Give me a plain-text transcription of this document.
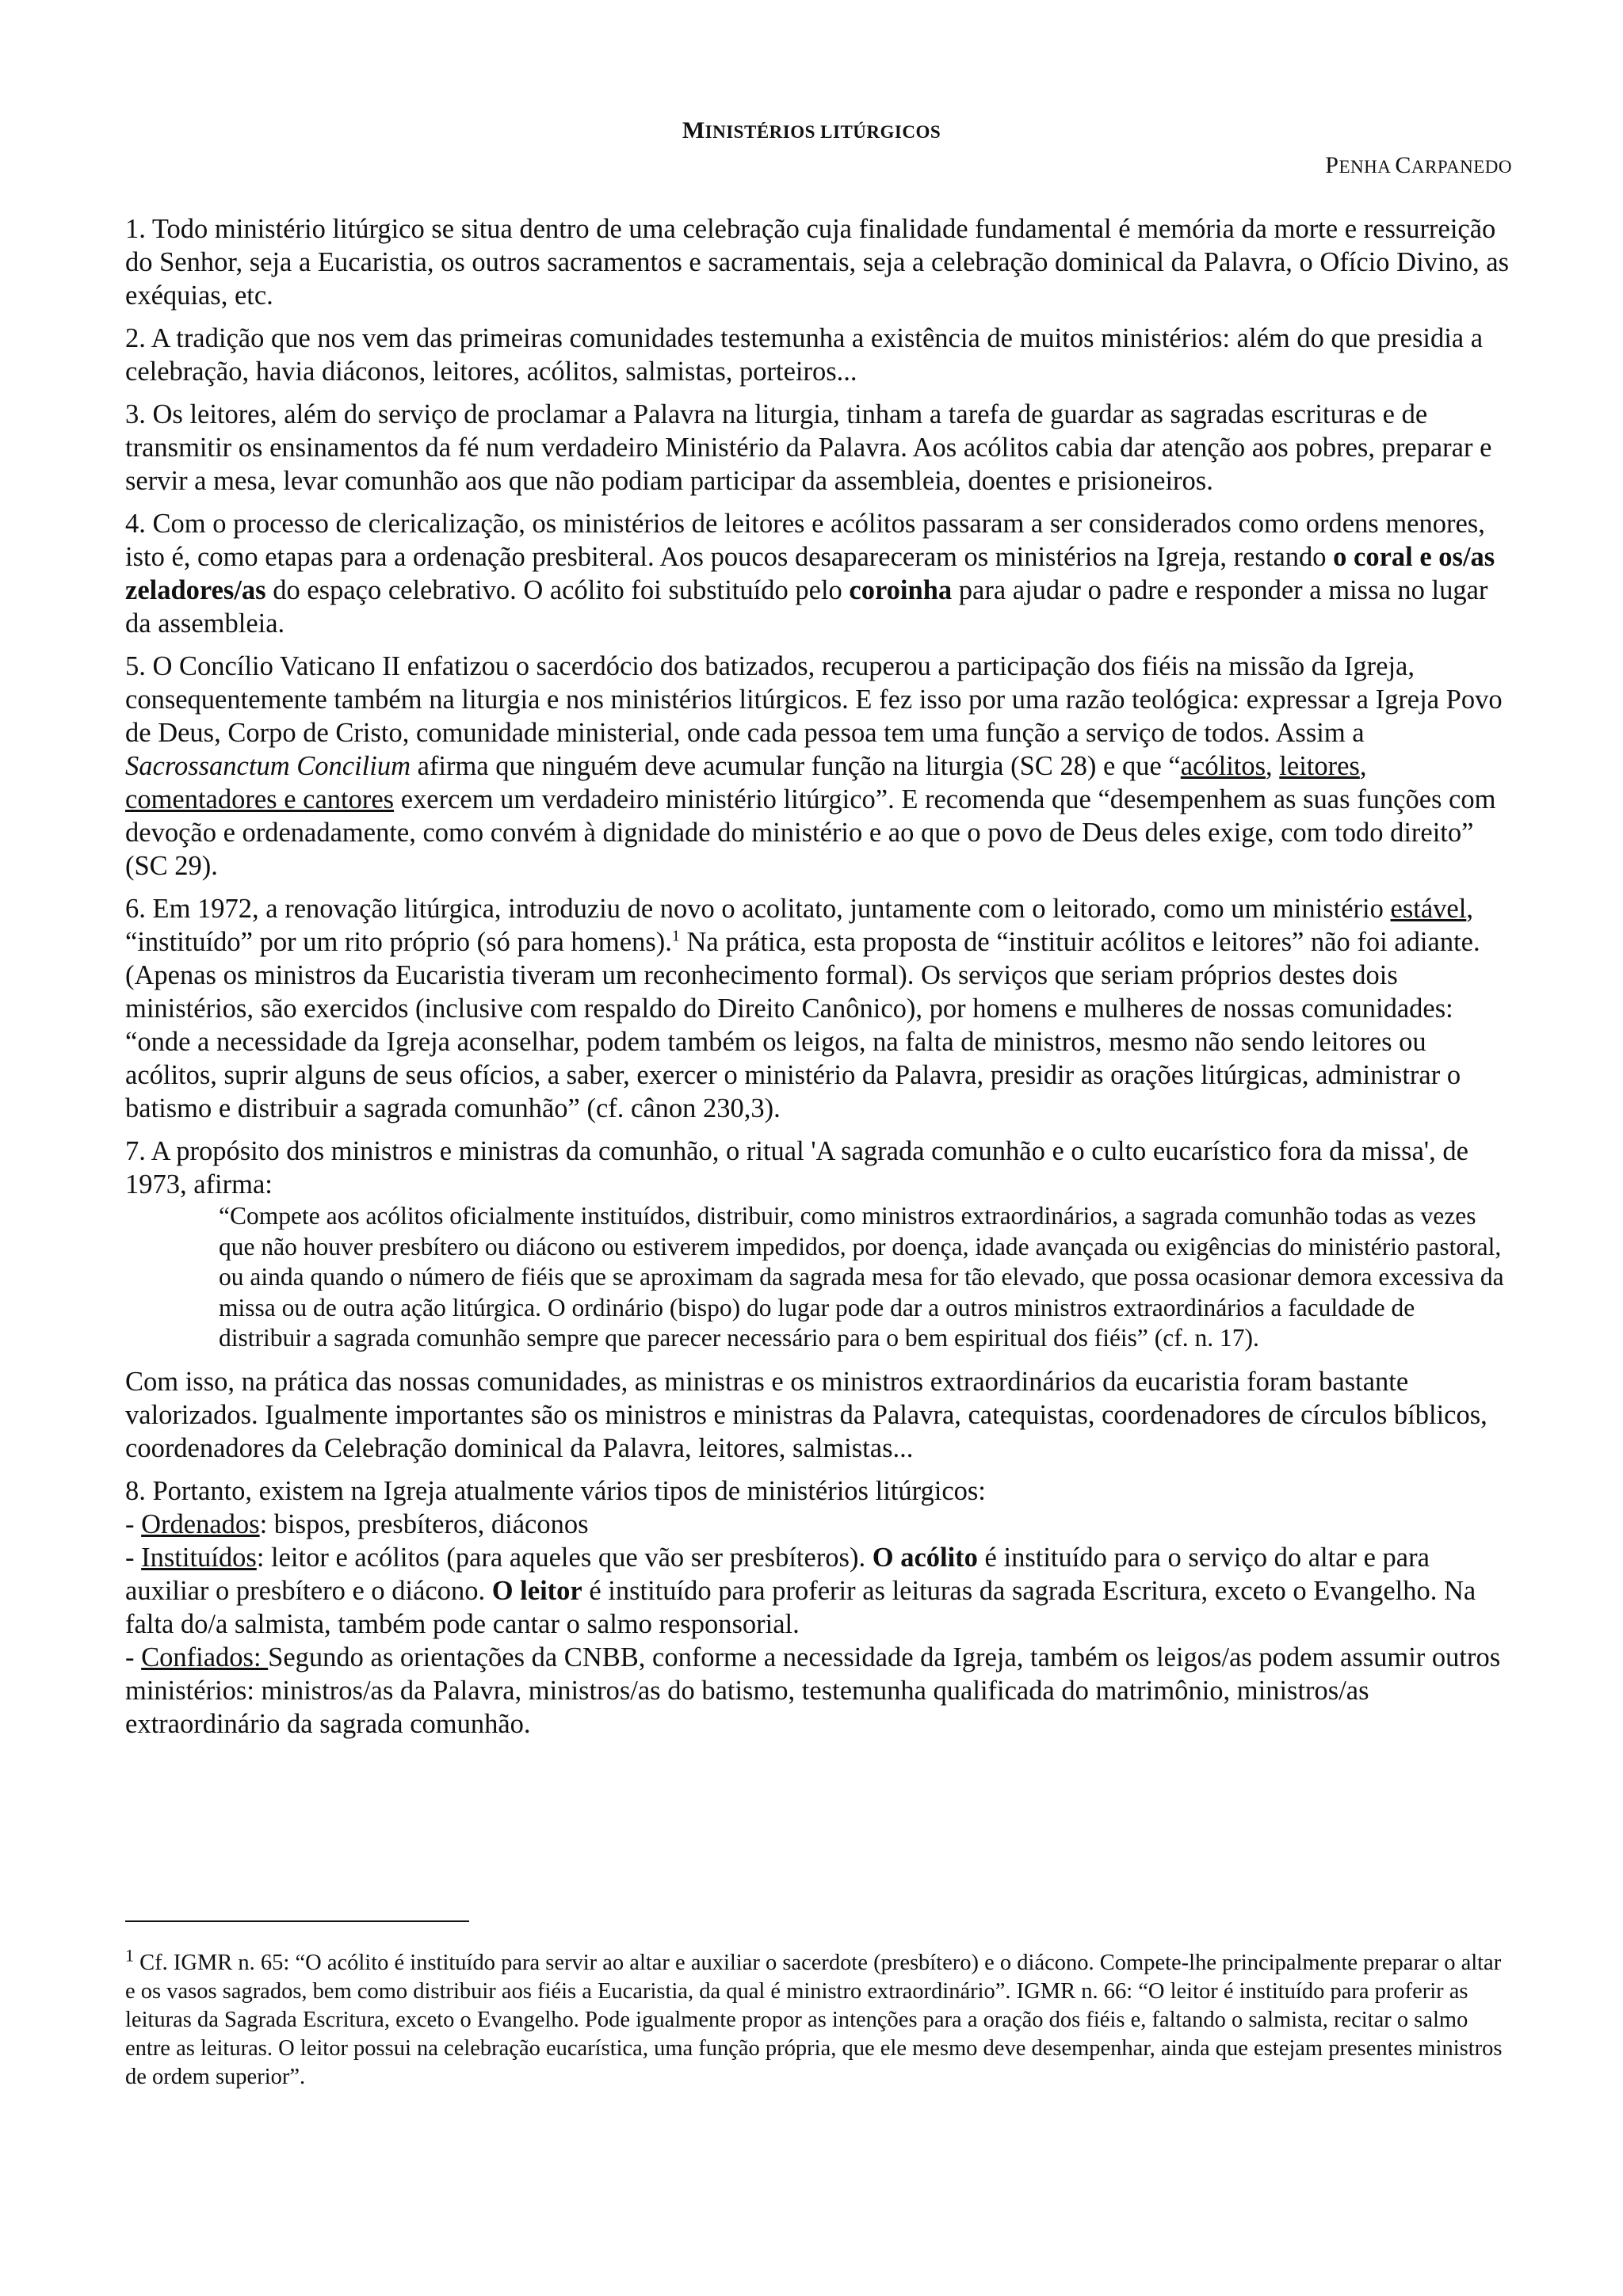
MINISTÉRIOS LITÚRGICOS
PENHA CARPANEDO

1. Todo ministério litúrgico se situa dentro de uma celebração cuja finalidade fundamental é memória da morte e ressurreição do Senhor, seja a Eucaristia, os outros sacramentos e sacramentais, seja a celebração dominical da Palavra, o Ofício Divino, as exéquias, etc.

2. A tradição que nos vem das primeiras comunidades testemunha a existência de muitos ministérios: além do que presidia a celebração, havia diáconos, leitores, acólitos, salmistas, porteiros...

3. Os leitores, além do serviço de proclamar a Palavra na liturgia, tinham a tarefa de guardar as sagradas escrituras e de transmitir os ensinamentos da fé num verdadeiro Ministério da Palavra. Aos acólitos cabia dar atenção aos pobres, preparar e servir a mesa, levar comunhão aos que não podiam participar da assembleia, doentes e prisioneiros.

4. Com o processo de clericalização, os ministérios de leitores e acólitos passaram a ser considerados como ordens menores, isto é, como etapas para a ordenação presbiteral. Aos poucos desapareceram os ministérios na Igreja, restando o coral e os/as zeladores/as do espaço celebrativo. O acólito foi substituído pelo coroinha para ajudar o padre e responder a missa no lugar da assembleia.

5. O Concílio Vaticano II enfatizou o sacerdócio dos batizados, recuperou a participação dos fiéis na missão da Igreja, consequentemente também na liturgia e nos ministérios litúrgicos. E fez isso por uma razão teológica: expressar a Igreja Povo de Deus, Corpo de Cristo, comunidade ministerial, onde cada pessoa tem uma função a serviço de todos. Assim a Sacrossanctum Concilium afirma que ninguém deve acumular função na liturgia (SC 28) e que “acólitos, leitores, comentadores e cantores exercem um verdadeiro ministério litúrgico”. E recomenda que “desempenhem as suas funções com devoção e ordenadamente, como convém à dignidade do ministério e ao que o povo de Deus deles exige, com todo direito” (SC 29).

6. Em 1972, a renovação litúrgica, introduziu de novo o acolitato, juntamente com o leitorado, como um ministério estável, “instituído” por um rito próprio (só para homens).$^1$ Na prática, esta proposta de “instituir acólitos e leitores” não foi adiante. (Apenas os ministros da Eucaristia tiveram um reconhecimento formal). Os serviços que seriam próprios destes dois ministérios, são exercidos (inclusive com respaldo do Direito Canônico), por homens e mulheres de nossas comunidades: “onde a necessidade da Igreja aconselhar, podem também os leigos, na falta de ministros, mesmo não sendo leitores ou acólitos, suprir alguns de seus ofícios, a saber, exercer o ministério da Palavra, presidir as orações litúrgicas, administrar o batismo e distribuir a sagrada comunhão” (cf. cânon 230,3).

7. A propósito dos ministros e ministras da comunhão, o ritual 'A sagrada comunhão e o culto eucarístico fora da missa', de 1973, afirma:

“Compete aos acólitos oficialmente instituídos, distribuir, como ministros extraordinários, a sagrada comunhão todas as vezes que não houver presbítero ou diácono ou estiverem impedidos, por doença, idade avançada ou exigências do ministério pastoral, ou ainda quando o número de fiéis que se aproximam da sagrada mesa for tão elevado, que possa ocasionar demora excessiva da missa ou de outra ação litúrgica. O ordinário (bispo) do lugar pode dar a outros ministros extraordinários a faculdade de distribuir a sagrada comunhão sempre que parecer necessário para o bem espiritual dos fiéis” (cf. n. 17).

Com isso, na prática das nossas comunidades, as ministras e os ministros extraordinários da eucaristia foram bastante valorizados. Igualmente importantes são os ministros e ministras da Palavra, catequistas, coordenadores de círculos bíblicos, coordenadores da Celebração dominical da Palavra, leitores, salmistas...

8. Portanto, existem na Igreja atualmente vários tipos de ministérios litúrgicos:
- Ordenados: bispos, presbíteros, diáconos
- Instituídos: leitor e acólitos (para aqueles que vão ser presbíteros). O acólito é instituído para o serviço do altar e para auxiliar o presbítero e o diácono. O leitor é instituído para proferir as leituras da sagrada Escritura, exceto o Evangelho. Na falta do/a salmista, também pode cantar o salmo responsorial.
- Confiados: Segundo as orientações da CNBB, conforme a necessidade da Igreja, também os leigos/as podem assumir outros ministérios: ministros/as da Palavra, ministros/as do batismo, testemunha qualificada do matrimônio, ministros/as extraordinário da sagrada comunhão.
$^1$ Cf. IGMR n. 65: “O acólito é instituído para servir ao altar e auxiliar o sacerdote (presbítero) e o diácono. Compete-lhe principalmente preparar o altar e os vasos sagrados, bem como distribuir aos fiéis a Eucaristia, da qual é ministro extraordinário”. IGMR n. 66: “O leitor é instituído para proferir as leituras da Sagrada Escritura, exceto o Evangelho. Pode igualmente propor as intenções para a oração dos fiéis e, faltando o salmista, recitar o salmo entre as leituras. O leitor possui na celebração eucarística, uma função própria, que ele mesmo deve desempenhar, ainda que estejam presentes ministros de ordem superior”.
